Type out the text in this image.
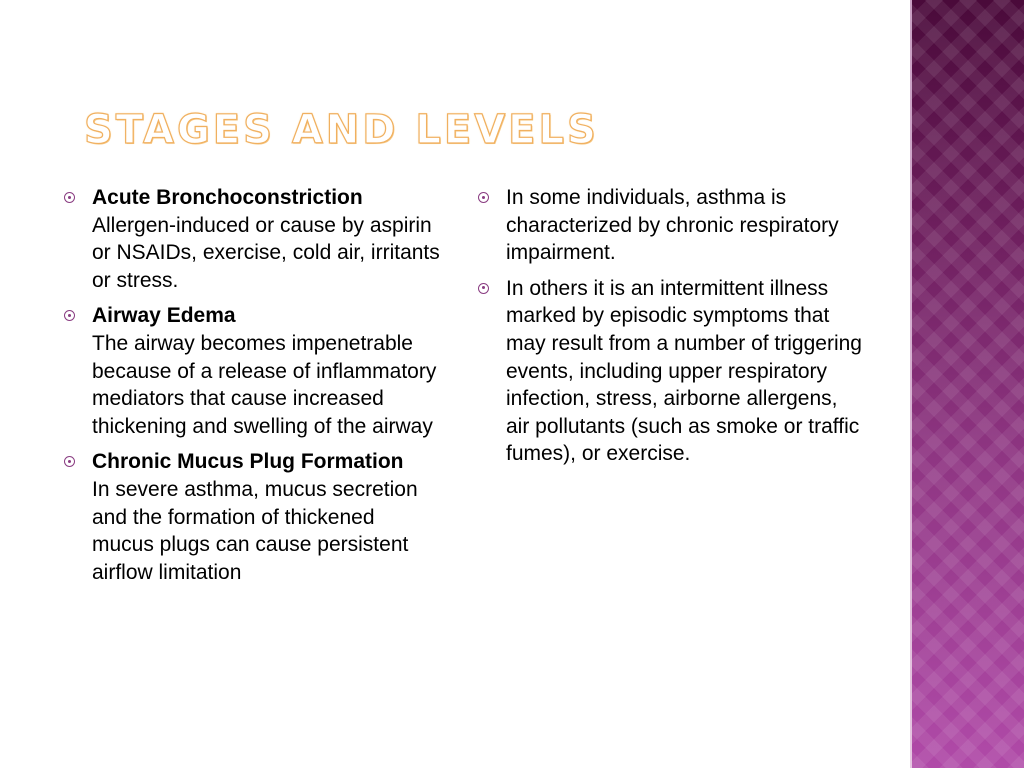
STAGES AND LEVELS
Acute Bronchoconstriction
Allergen-induced or cause by aspirin or NSAIDs, exercise, cold air, irritants or stress.
Airway Edema
The airway becomes impenetrable because of a release of inflammatory mediators that cause increased thickening and swelling of the airway
Chronic Mucus Plug Formation
In severe asthma, mucus secretion and the formation of thickened mucus plugs can cause persistent airflow limitation
In some individuals, asthma is characterized by chronic respiratory impairment.
In others it is an intermittent illness marked by episodic symptoms that may result from a number of triggering events, including upper respiratory infection, stress, airborne allergens, air pollutants (such as smoke or traffic fumes), or exercise.
